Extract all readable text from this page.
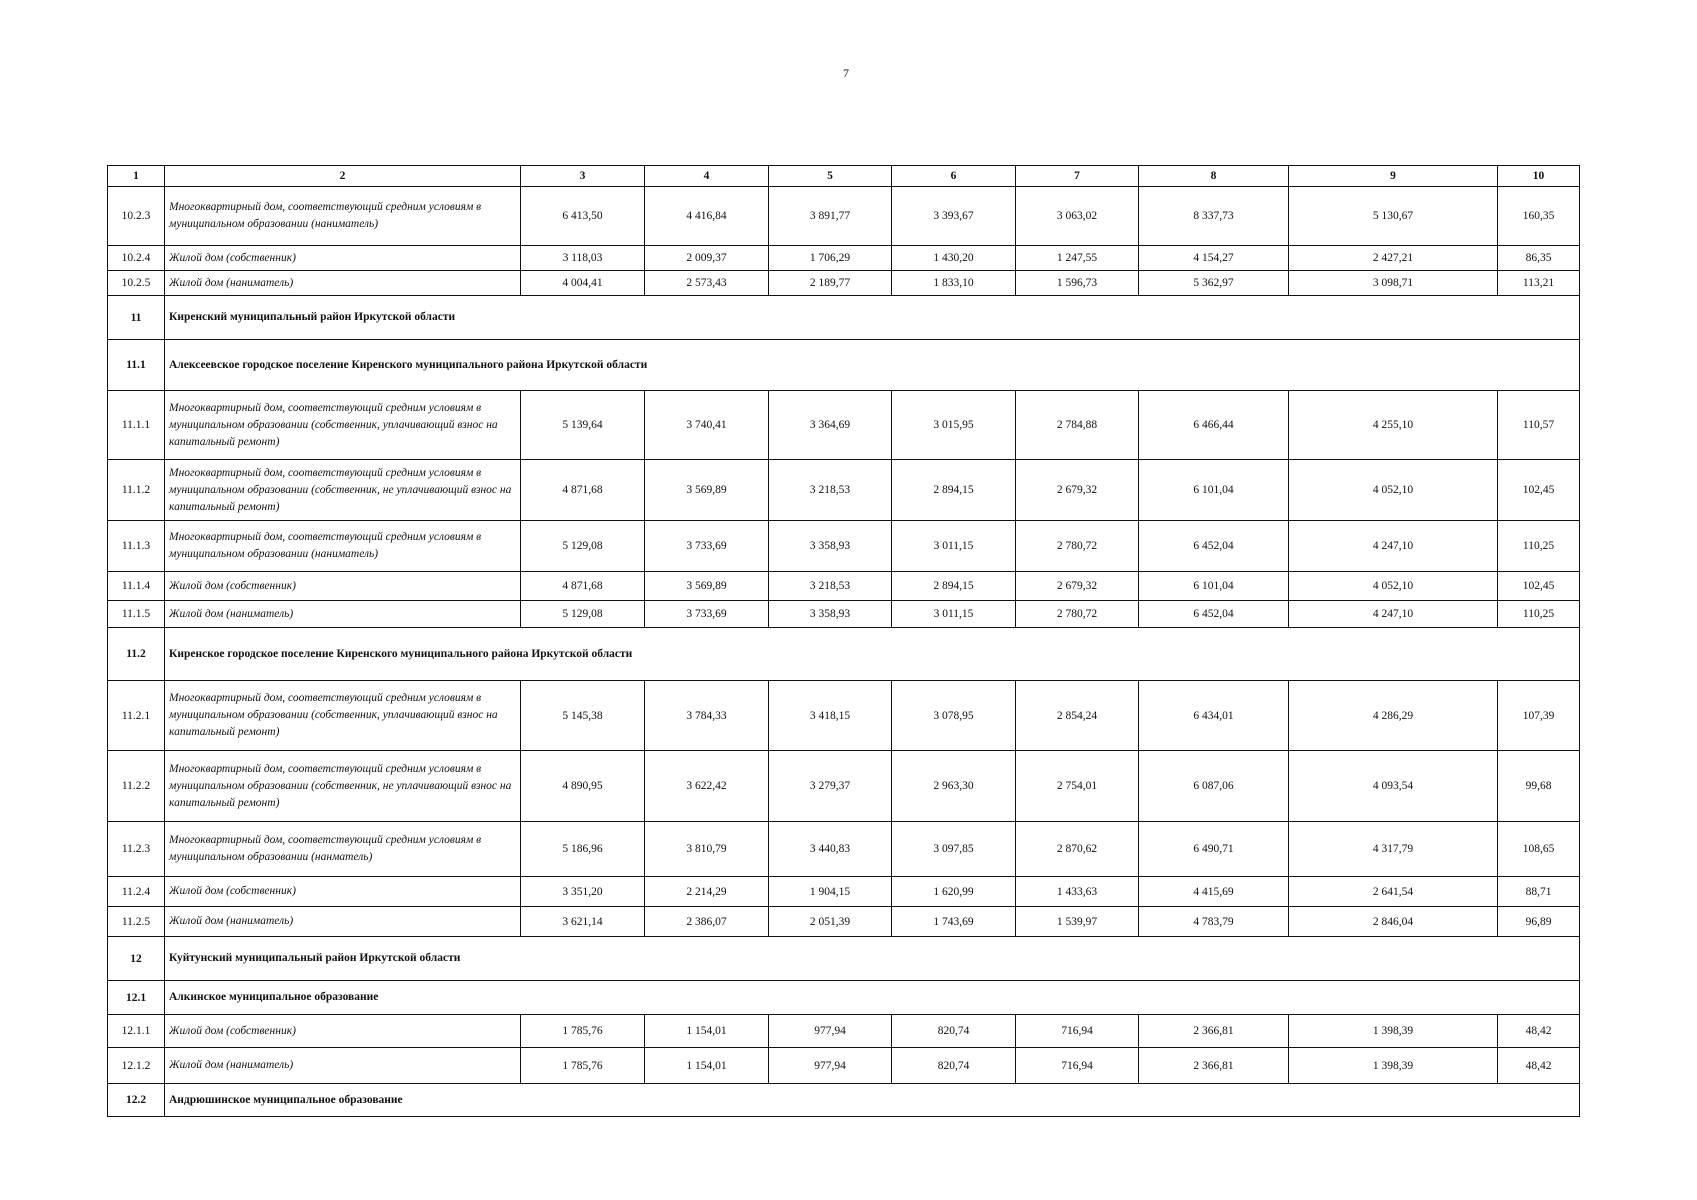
7
1	2	3	4	5	6	7	8	9	10
10.2.3	Многоквартирный дом, соответствующий средним условиям в муниципальном образовании (наниматель)	6 413,50	4 416,84	3 891,77	3 393,67	3 063,02	8 337,73	5 130,67	160,35
10.2.4	Жилой дом (собственник)	3 118,03	2 009,37	1 706,29	1 430,20	1 247,55	4 154,27	2 427,21	86,35
10.2.5	Жилой дом (наниматель)	4 004,41	2 573,43	2 189,77	1 833,10	1 596,73	5 362,97	3 098,71	113,21
11	Киренский муниципальный район Иркутской области								
11.1	Алексеевское городское поселение Киренского муниципального района Иркутской области								
11.1.1	Многоквартирный дом, соответствующий средним условиям в муниципальном образовании (собственник, уплачивающий взнос на капитальный ремонт)	5 139,64	3 740,41	3 364,69	3 015,95	2 784,88	6 466,44	4 255,10	110,57
11.1.2	Многоквартирный дом, соответствующий средним условиям в муниципальном образовании (собственник, не уплачивающий взнос на капитальный ремонт)	4 871,68	3 569,89	3 218,53	2 894,15	2 679,32	6 101,04	4 052,10	102,45
11.1.3	Многоквартирный дом, соответствующий средним условиям в муниципальном образовании (наниматель)	5 129,08	3 733,69	3 358,93	3 011,15	2 780,72	6 452,04	4 247,10	110,25
11.1.4	Жилой дом (собственник)	4 871,68	3 569,89	3 218,53	2 894,15	2 679,32	6 101,04	4 052,10	102,45
11.1.5	Жилой дом (наниматель)	5 129,08	3 733,69	3 358,93	3 011,15	2 780,72	6 452,04	4 247,10	110,25
11.2	Киренское городское поселение Киренского муниципального района Иркутской области								
11.2.1	Многоквартирный дом, соответствующий средним условиям в муниципальном образовании (собственник, уплачивающий взнос на капитальный ремонт)	5 145,38	3 784,33	3 418,15	3 078,95	2 854,24	6 434,01	4 286,29	107,39
11.2.2	Многоквартирный дом, соответствующий средним условиям в муниципальном образовании (собственник, не уплачивающий взнос на капитальный ремонт)	4 890,95	3 622,42	3 279,37	2 963,30	2 754,01	6 087,06	4 093,54	99,68
11.2.3	Многоквартирный дом, соответствующий средним условиям в муниципальном образовании (нанматель)	5 186,96	3 810,79	3 440,83	3 097,85	2 870,62	6 490,71	4 317,79	108,65
11.2.4	Жилой дом (собственник)	3 351,20	2 214,29	1 904,15	1 620,99	1 433,63	4 415,69	2 641,54	88,71
11.2.5	Жилой дом (наниматель)	3 621,14	2 386,07	2 051,39	1 743,69	1 539,97	4 783,79	2 846,04	96,89
12	Куйтунский муниципальный район Иркутской области								
12.1	Алкинское муниципальное образование								
12.1.1	Жилой дом (собственник)	1 785,76	1 154,01	977,94	820,74	716,94	2 366,81	1 398,39	48,42
12.1.2	Жилой дом (наниматель)	1 785,76	1 154,01	977,94	820,74	716,94	2 366,81	1 398,39	48,42
12.2	Андрюшинское муниципальное образование								
